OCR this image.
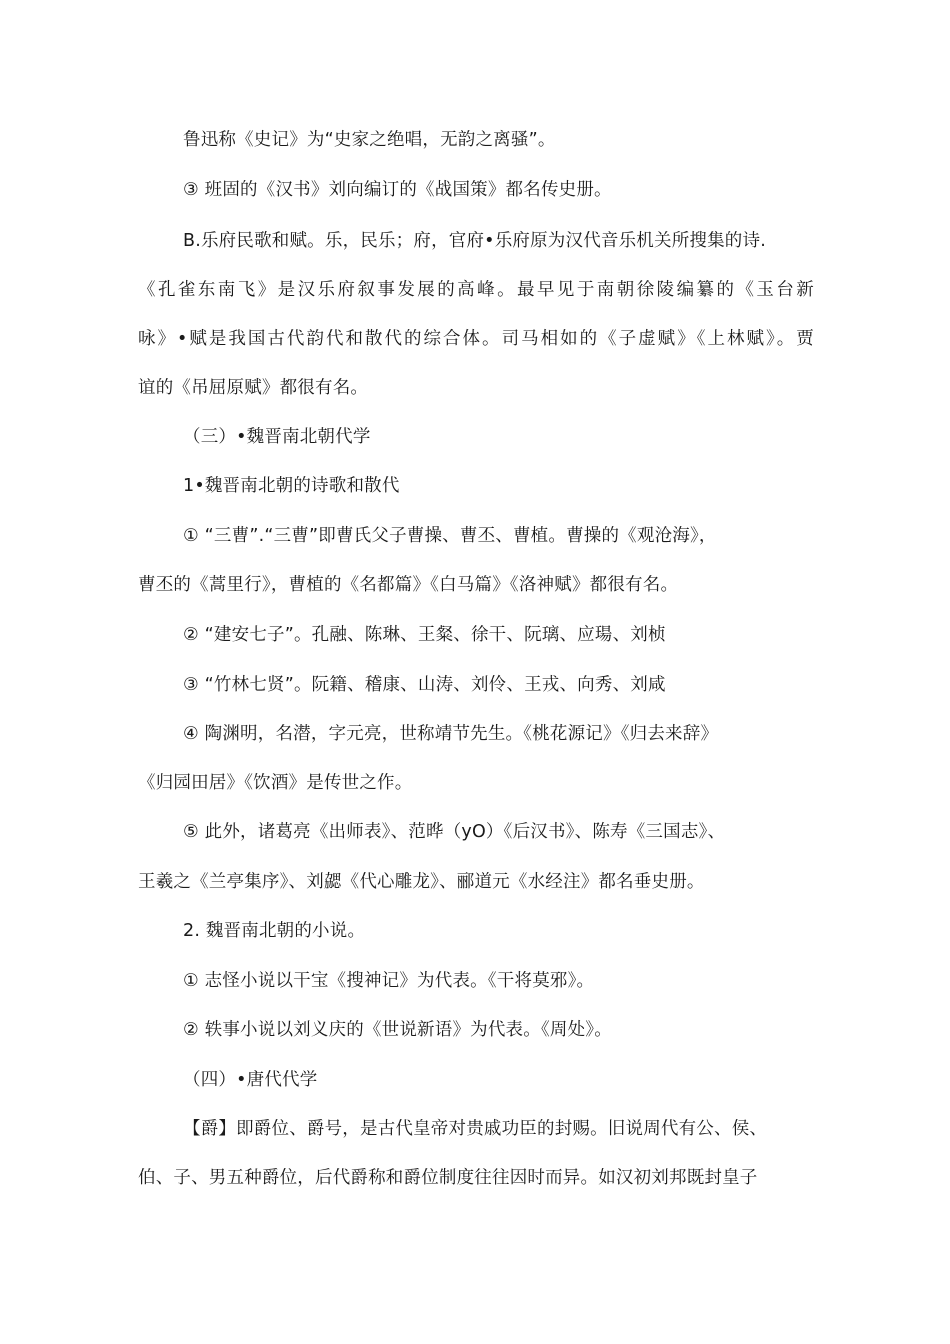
鲁迅称《史记》为“史家之绝唱，无韵之离骚”。
③ 班固的《汉书》刘向编订的《战国策》都名传史册。
B.乐府民歌和赋。乐，民乐；府，官府•乐府原为汉代音乐机关所搜集的诗.
《孔雀东南飞》是汉乐府叙事发展的高峰。最早见于南朝徐陵编纂的《玉台新
咏》•赋是我国古代韵代和散代的综合体。司马相如的《子虚赋》《上林赋》。贾
谊的《吊屈原赋》都很有名。
（三）•魏晋南北朝代学
1•魏晋南北朝的诗歌和散代
① “三曹”.“三曹”即曹氏父子曹操、曹丕、曹植。曹操的《观沧海》，
曹丕的《蒿里行》，曹植的《名都篇》《白马篇》《洛神赋》都很有名。
② “建安七子”。孔融、陈琳、王粲、徐干、阮璃、应瑒、刘桢
③ “竹林七贤”。阮籍、稽康、山涛、刘伶、王戎、向秀、刘咸
④ 陶渊明，名潜，字元亮，世称靖节先生。《桃花源记》《归去来辞》
《归园田居》《饮酒》是传世之作。
⑤ 此外，诸葛亮《出师表》、范晔（yO）《后汉书》、陈寿《三国志》、
王羲之《兰亭集序》、刘勰《代心雕龙》、郦道元《水经注》都名垂史册。
2. 魏晋南北朝的小说。
① 志怪小说以干宝《搜神记》为代表。《干将莫邪》。
② 轶事小说以刘义庆的《世说新语》为代表。《周处》。
（四）•唐代代学
【爵】即爵位、爵号，是古代皇帝对贵戚功臣的封赐。旧说周代有公、侯、
伯、子、男五种爵位，后代爵称和爵位制度往往因时而异。如汉初刘邦既封皇子
